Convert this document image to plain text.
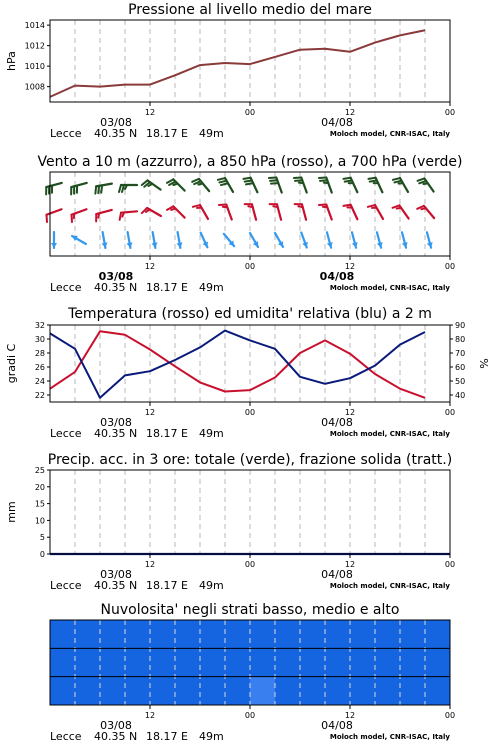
Pressione al livello medio del mare
1008
1010
1012
1014
12	00	12	00
03/08	04/08
Lecce 40.35 N 18.17 E 49m	Moloch model, CNR-ISAC, Italy
hPa
Vento a 10 m (azzurro), a 850 hPa (rosso), a 700 hPa (verde)
12	00	12	00
03/08	04/08
Lecce 40.35 N 18.17 E 49m	Moloch model, CNR-ISAC, Italy
Temperatura (rosso) ed umidita' relativa (blu) a 2 m
22
24
26
28
30
32
40
50
60
70
80
90
12	00	12	00
03/08	04/08
Lecce 40.35 N 18.17 E 49m	Moloch model, CNR-ISAC, Italy
gradi C	%
Precip. acc. in 3 ore: totale (verde), frazione solida (tratt.)
0
5
10
15
20
25
12	00	12	00
03/08	04/08
Lecce 40.35 N 18.17 E 49m	Moloch model, CNR-ISAC, Italy
mm
Nuvolosita' negli strati basso, medio e alto
12	00	12	00
03/08	04/08
Lecce 40.35 N 18.17 E 49m	Moloch model, CNR-ISAC, Italy
